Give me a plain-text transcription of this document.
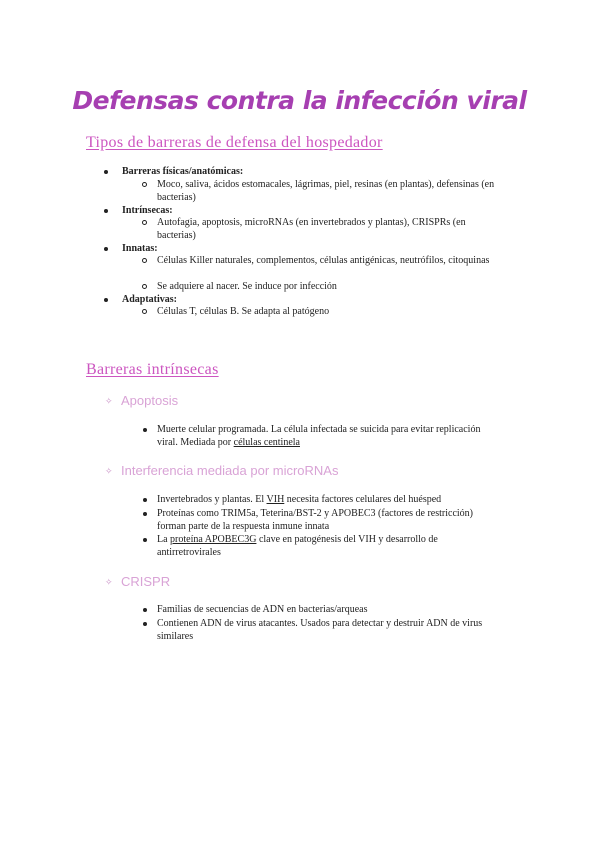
Defensas contra la infección viral
Tipos de barreras de defensa del hospedador
Barreras físicas/anatómicas:
Moco, saliva, ácidos estomacales, lágrimas, piel, resinas (en plantas), defensinas (en bacterias)
Intrínsecas:
Autofagia, apoptosis, microRNAs (en invertebrados y plantas), CRISPRs (en bacterias)
Innatas:
Células Killer naturales, complementos, células antigénicas, neutrófilos, citoquinas
Se adquiere al nacer. Se induce por infección
Adaptativas:
Células T, células B. Se adapta al patógeno
Barreras intrínsecas
✧ Apoptosis
Muerte celular programada. La célula infectada se suicida para evitar replicación viral. Mediada por células centinela
✧ Interferencia mediada por microRNAs
Invertebrados y plantas. El VIH necesita factores celulares del huésped
Proteínas como TRIM5a, Teterina/BST-2 y APOBEC3 (factores de restricción) forman parte de la respuesta inmune innata
La proteína APOBEC3G clave en patogénesis del VIH y desarrollo de antirretrovirales
✧ CRISPR
Familias de secuencias de ADN en bacterias/arqueas
Contienen ADN de virus atacantes. Usados para detectar y destruir ADN de virus similares
